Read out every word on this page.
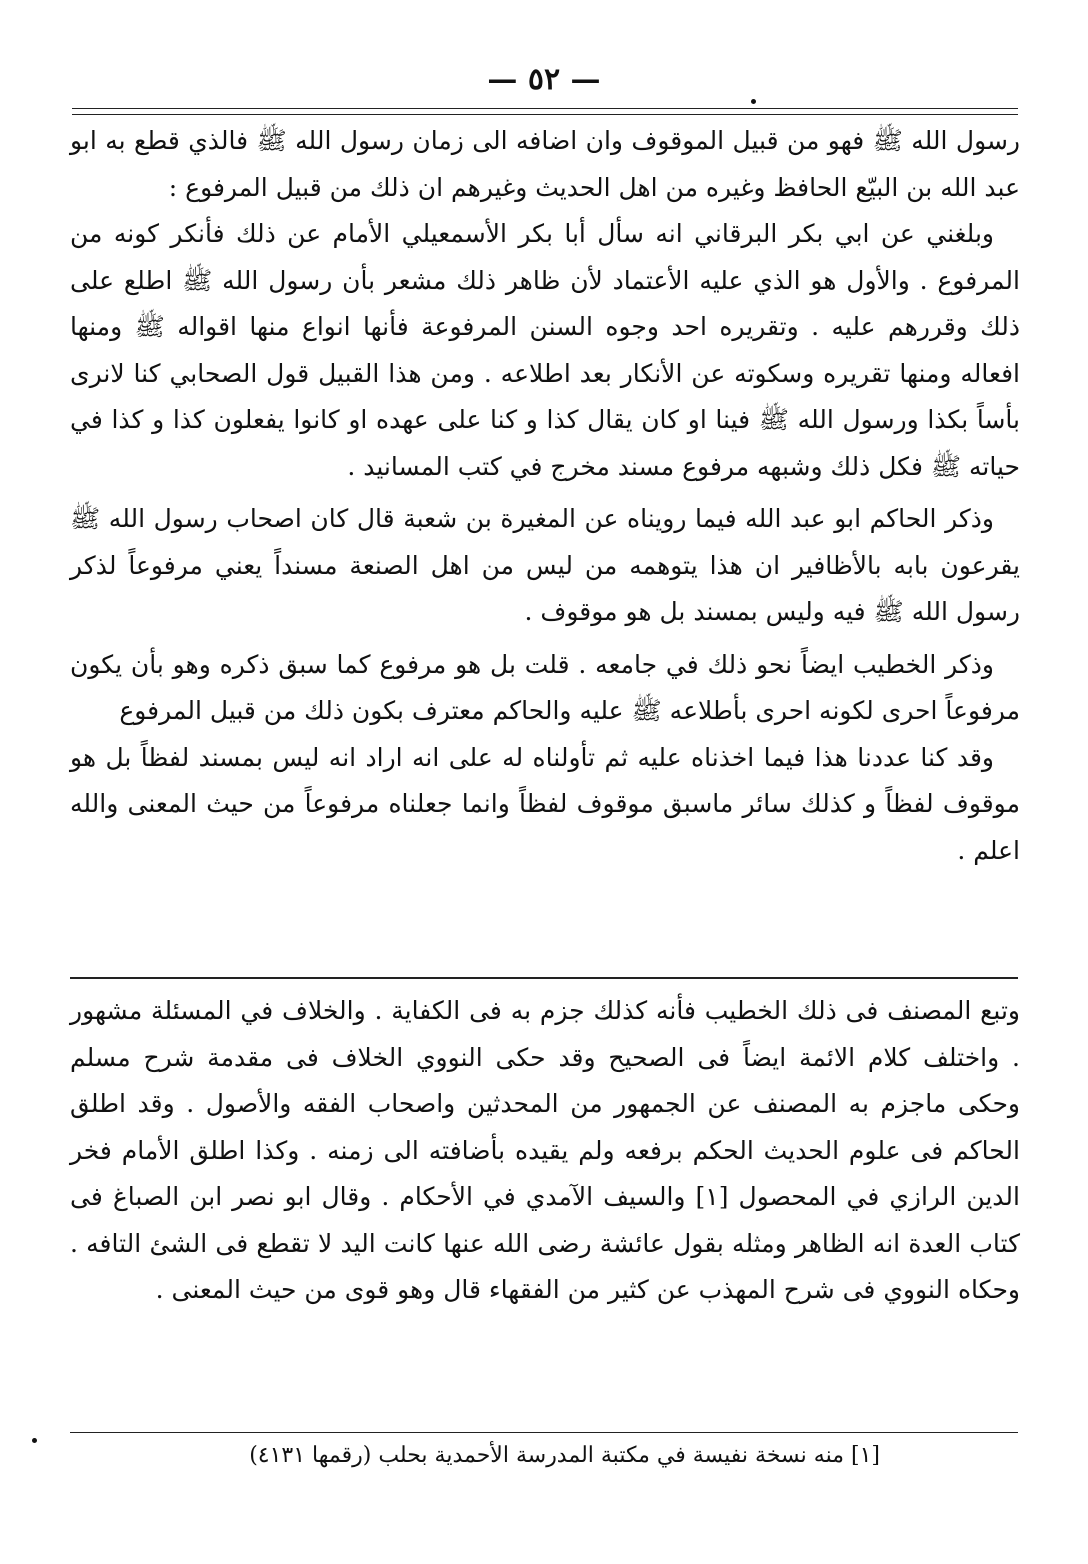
— ٥٢ —

رسول الله ﷺ فهو من قبيل الموقوف وان اضافه الى زمان رسول الله ﷺ فالذي قطع به ابو عبد الله بن البيّع الحافظ وغيره من اهل الحديث وغيرهم ان ذلك من قبيل المرفوع :

وبلغني عن ابي بكر البرقاني انه سأل أبا بكر الأسمعيلي الأمام عن ذلك فأنكر كونه من المرفوع . والأول هو الذي عليه الأعتماد لأن ظاهر ذلك مشعر بأن رسول الله ﷺ اطلع على ذلك وقررهم عليه . وتقريره احد وجوه السنن المرفوعة فأنها انواع منها اقواله ﷺ ومنها افعاله ومنها تقريره وسكوته عن الأنكار بعد اطلاعه . ومن هذا القبيل قول الصحابي كنا لانرى بأساً بكذا ورسول الله ﷺ فينا او كان يقال كذا و كنا على عهده او كانوا يفعلون كذا و كذا في حياته ﷺ فكل ذلك وشبهه مرفوع مسند مخرج في كتب المسانيد .

وذكر الحاكم ابو عبد الله فيما رويناه عن المغيرة بن شعبة قال كان اصحاب رسول الله ﷺ يقرعون بابه بالأظافير ان هذا يتوهمه من ليس من اهل الصنعة مسنداً يعني مرفوعاً لذكر رسول الله ﷺ فيه وليس بمسند بل هو موقوف .

وذكر الخطيب ايضاً نحو ذلك في جامعه . قلت بل هو مرفوع كما سبق ذكره وهو بأن يكون مرفوعاً احرى لكونه احرى بأطلاعه ﷺ عليه والحاكم معترف بكون ذلك من قبيل المرفوع

وقد كنا عددنا هذا فيما اخذناه عليه ثم تأولناه له على انه اراد انه ليس بمسند لفظاً بل هو موقوف لفظاً و كذلك سائر ماسبق موقوف لفظاً وانما جعلناه مرفوعاً من حيث المعنى والله اعلم .

وتبع المصنف فى ذلك الخطيب فأنه كذلك جزم به فى الكفاية . والخلاف في المسئلة مشهور . واختلف كلام الائمة ايضاً فى الصحيح وقد حكى النووي الخلاف فى مقدمة شرح مسلم وحكى ماجزم به المصنف عن الجمهور من المحدثين واصحاب الفقه والأصول . وقد اطلق الحاكم فى علوم الحديث الحكم برفعه ولم يقيده بأضافته الى زمنه . وكذا اطلق الأمام فخر الدين الرازي في المحصول [١] والسيف الآمدي في الأحكام . وقال ابو نصر ابن الصباغ فى كتاب العدة انه الظاهر ومثله بقول عائشة رضى الله عنها كانت اليد لا تقطع فى الشئ التافه . وحكاه النووي فى شرح المهذب عن كثير من الفقهاء قال وهو قوى من حيث المعنى .

[١] منه نسخة نفيسة في مكتبة المدرسة الأحمدية بحلب (رقمها ٤١٣١)
